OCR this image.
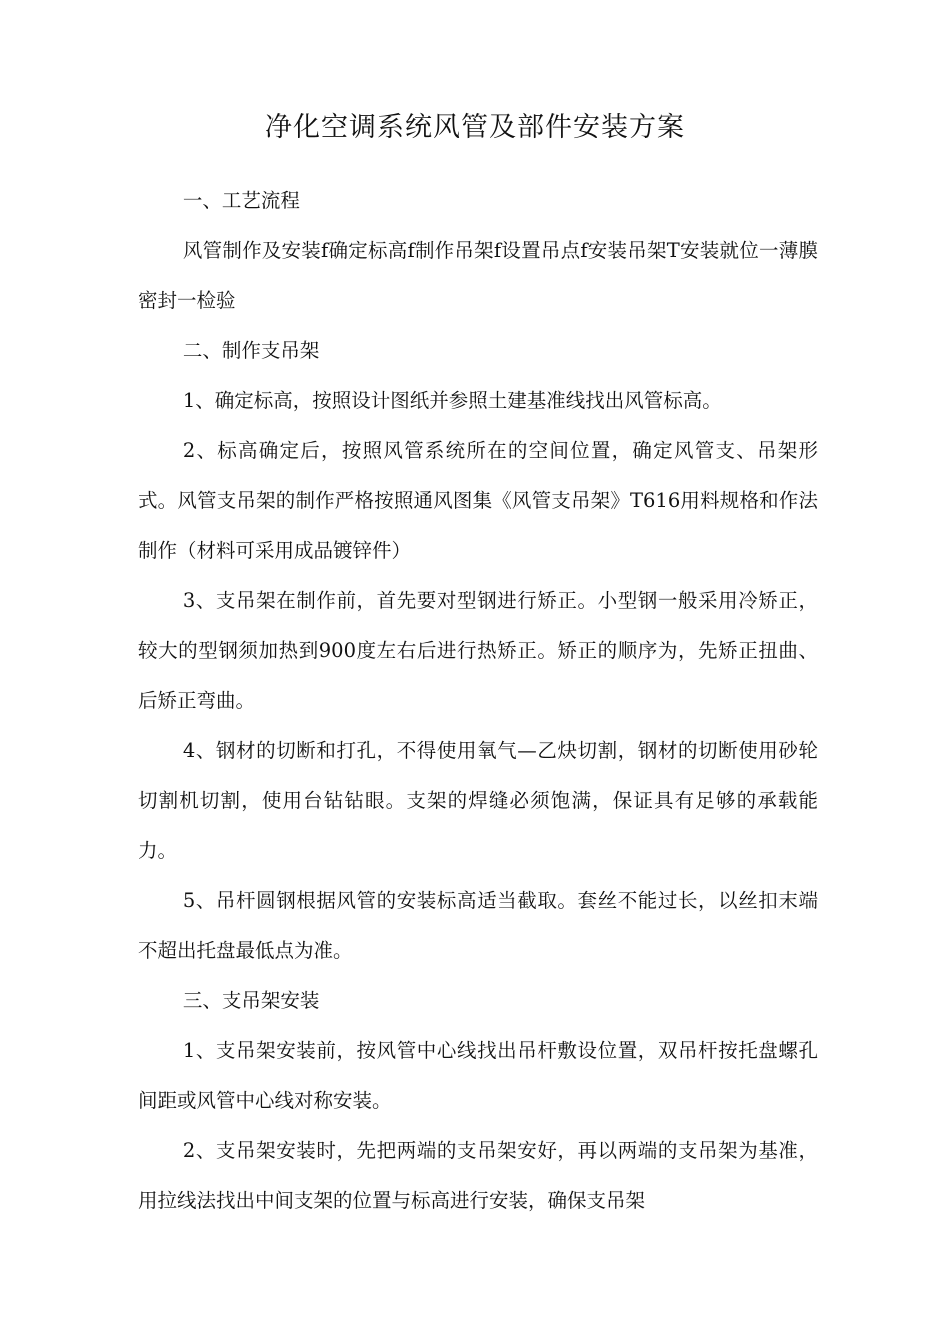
净化空调系统风管及部件安装方案

一、工艺流程

风管制作及安装f确定标高f制作吊架f设置吊点f安装吊架T安装就位一薄膜密封一检验

二、制作支吊架

1、确定标高，按照设计图纸并参照土建基准线找出风管标高。

2、标高确定后，按照风管系统所在的空间位置，确定风管支、吊架形式。风管支吊架的制作严格按照通风图集《风管支吊架》T616用料规格和作法制作（材料可采用成品镀锌件）

3、支吊架在制作前，首先要对型钢进行矫正。小型钢一般采用冷矫正，较大的型钢须加热到900度左右后进行热矫正。矫正的顺序为，先矫正扭曲、后矫正弯曲。

4、钢材的切断和打孔，不得使用氧气—乙炔切割，钢材的切断使用砂轮切割机切割，使用台钻钻眼。支架的焊缝必须饱满，保证具有足够的承载能力。

5、吊杆圆钢根据风管的安装标高适当截取。套丝不能过长，以丝扣末端不超出托盘最低点为准。

三、支吊架安装

1、支吊架安装前，按风管中心线找出吊杆敷设位置，双吊杆按托盘螺孔间距或风管中心线对称安装。

2、支吊架安装时，先把两端的支吊架安好，再以两端的支吊架为基准，用拉线法找出中间支架的位置与标高进行安装，确保支吊架
